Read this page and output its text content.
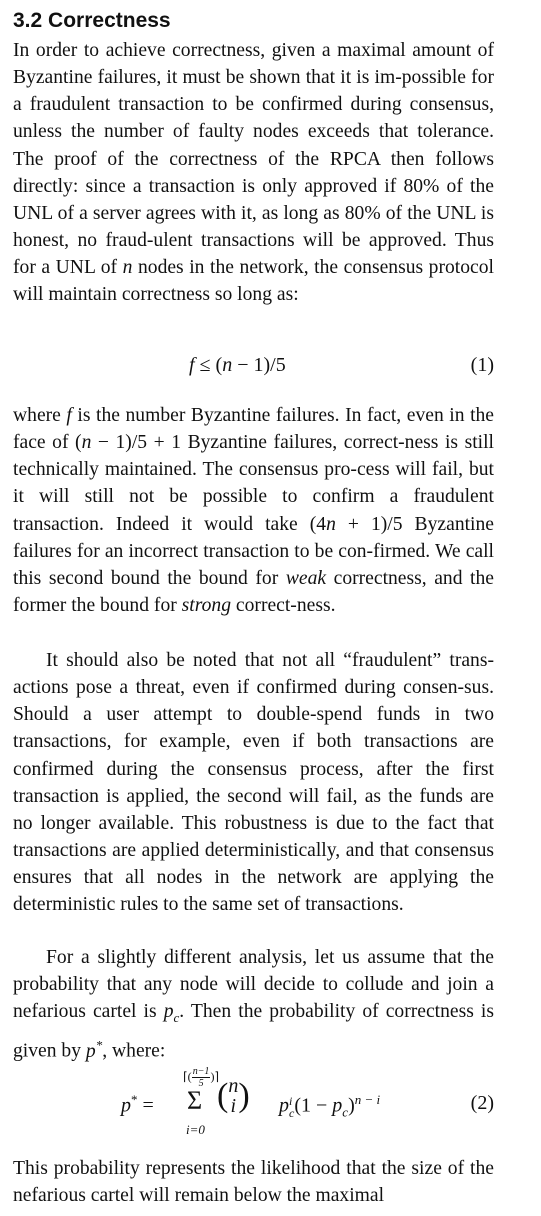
3.2 Correctness

In order to achieve correctness, given a maximal amount of Byzantine failures, it must be shown that it is im-possible for a fraudulent transaction to be confirmed during consensus, unless the number of faulty nodes exceeds that tolerance. The proof of the correctness of the RPCA then follows directly: since a transaction is only approved if 80% of the UNL of a server agrees with it, as long as 80% of the UNL is honest, no fraud-ulent transactions will be approved. Thus for a UNL of n nodes in the network, the consensus protocol will maintain correctness so long as:

f ≤ (n − 1)/5	(1)

where f is the number Byzantine failures. In fact, even in the face of (n − 1)/5 + 1 Byzantine failures, correct-ness is still technically maintained. The consensus pro-cess will fail, but it will still not be possible to confirm a fraudulent transaction. Indeed it would take (4n + 1)/5 Byzantine failures for an incorrect transaction to be con-firmed. We call this second bound the bound for weak correctness, and the former the bound for strong correct-ness.

It should also be noted that not all “fraudulent” trans-actions pose a threat, even if confirmed during consen-sus. Should a user attempt to double-spend funds in two transactions, for example, even if both transactions are confirmed during the consensus process, after the first transaction is applied, the second will fail, as the funds are no longer available. This robustness is due to the fact that transactions are applied deterministically, and that consensus ensures that all nodes in the network are applying the deterministic rules to the same set of transactions.

For a slightly different analysis, let us assume that the probability that any node will decide to collude and join a nefarious cartel is $p_c$. Then the probability of correctness is given by p*, where:

p* =
⌈( $\frac{n-1}{5}$ )⌉
Σ
i=0
( n
i ) p i
c $(1 - p_c)^{n - i}$	(2)

This probability represents the likelihood that the size of the nefarious cartel will remain below the maximal
